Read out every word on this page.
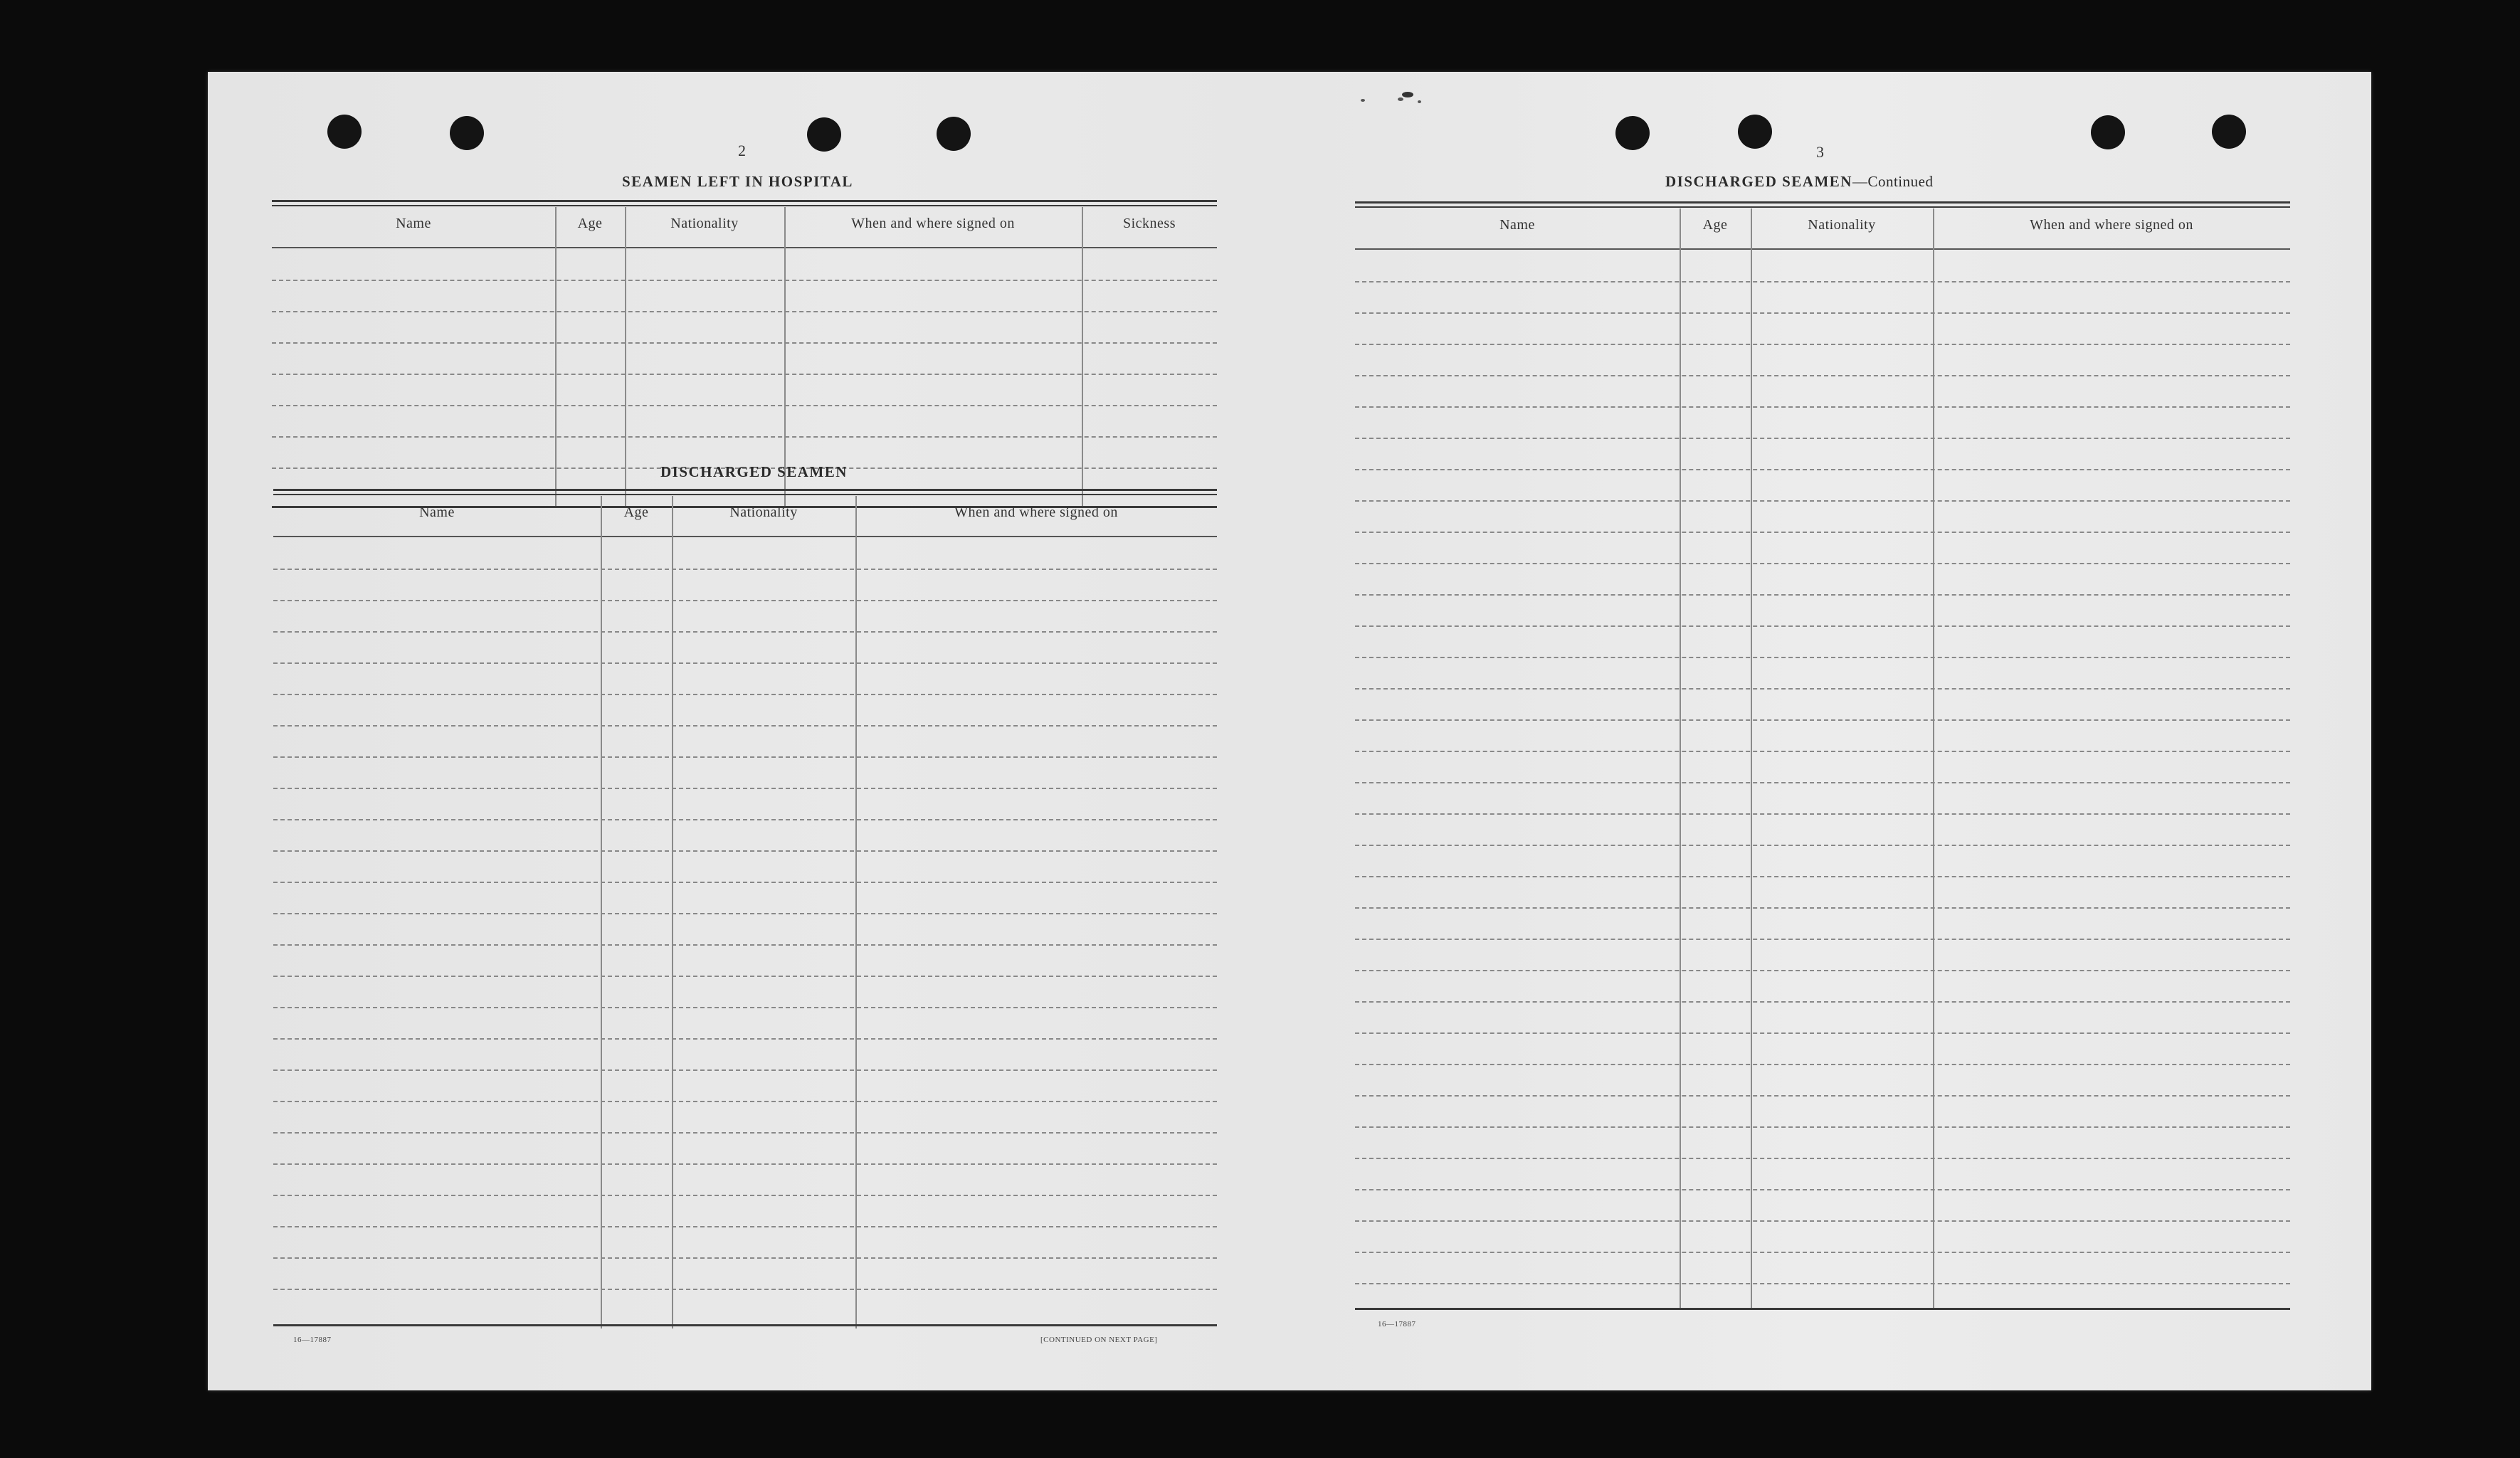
2
SEAMEN LEFT IN HOSPITAL
Name	Age	Nationality	When and where signed on	Sickness
DISCHARGED SEAMEN
Name	Age	Nationality	When and where signed on
16—17887	[CONTINUED ON NEXT PAGE]
3
DISCHARGED SEAMEN—Continued
Name	Age	Nationality	When and where signed on
16—17887
